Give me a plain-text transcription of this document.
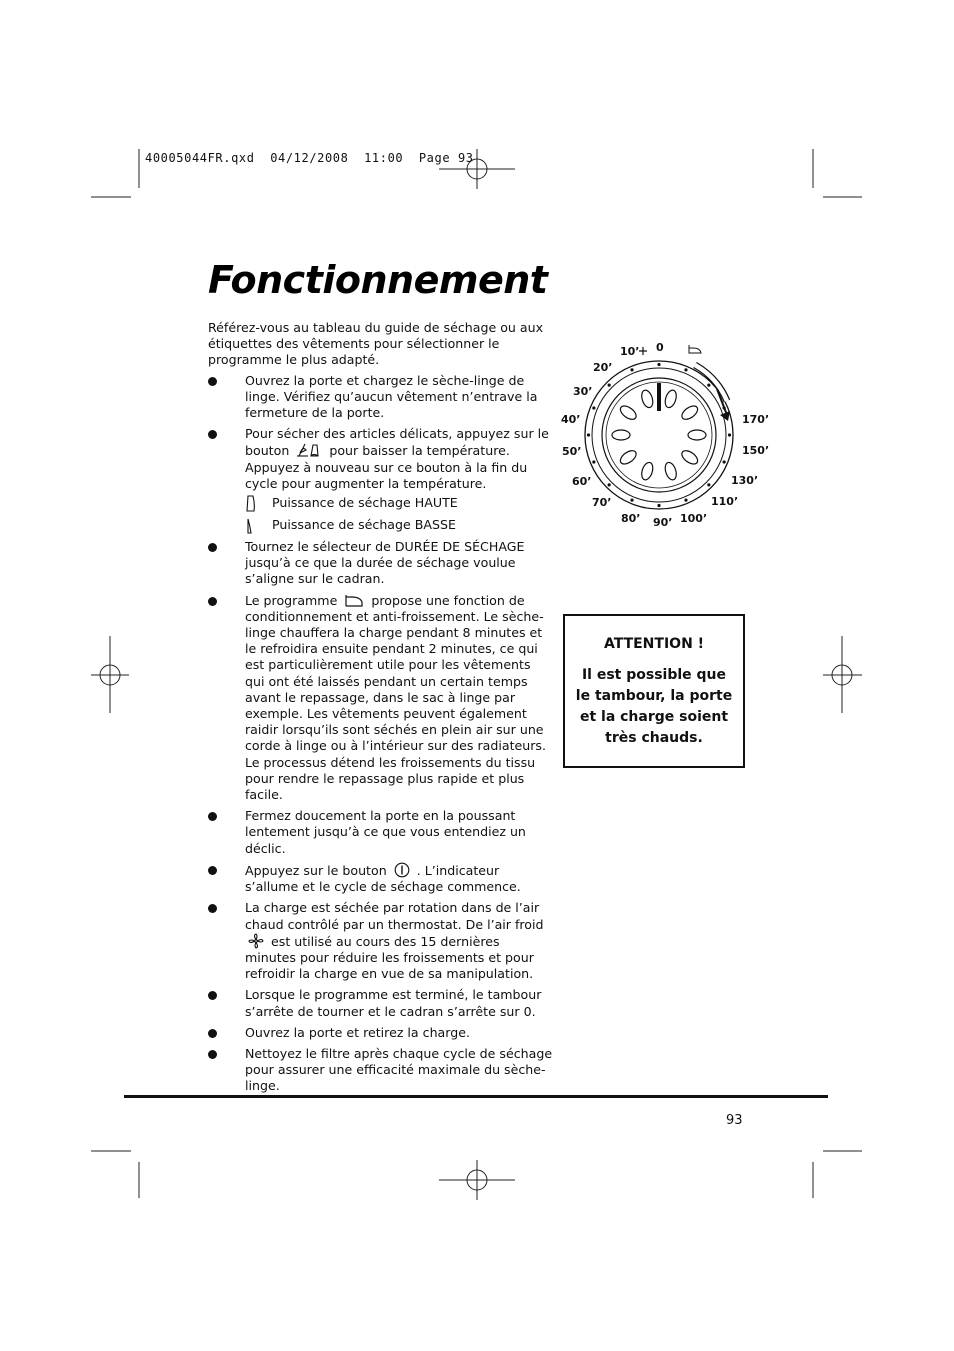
40005044FR.qxd  04/12/2008  11:00  Page 93
Fonctionnement

Référez-vous au tableau du guide de séchage ou aux étiquettes des vêtements pour sélectionner le programme le plus adapté.

Ouvrez la porte et chargez le sèche-linge de linge. Vérifiez qu’aucun vêtement n’entrave la fermeture de la porte.
Pour sécher des articles délicats, appuyez sur le bouton	pour baisser la température. Appuyez à nouveau sur ce bouton à la fin du cycle pour augmenter la température.
Puissance de séchage HAUTE
Puissance de séchage BASSE
Tournez le sélecteur de DURÉE DE SÉCHAGE jusqu’à ce que la durée de séchage voulue s’aligne sur le cadran.
Le programme	propose une fonction de conditionnement et anti-froissement. Le sèche-linge chauffera la charge pendant 8 minutes et le refroidira ensuite pendant 2 minutes, ce qui est particulièrement utile pour les vêtements qui ont été laissés pendant un certain temps avant le repassage, dans le sac à linge par exemple. Les vêtements peuvent également raidir lorsqu’ils sont séchés en plein air sur une corde à linge ou à l’intérieur sur des radiateurs. Le processus détend les froissements du tissu pour rendre le repassage plus rapide et plus facile.
Fermez doucement la porte en la poussant lentement jusqu’à ce que vous entendiez un déclic.
Appuyez sur le bouton . L’indicateur s’allume et le cycle de séchage commence.
La charge est séchée par rotation dans de l’air chaud contrôlé par un thermostat. De l’air froid  est utilisé au cours des 15 dernières minutes pour réduire les froissements et pour refroidir la charge en vue de sa manipulation.
Lorsque le programme est terminé, le tambour s’arrête de tourner et le cadran s’arrête sur 0.
Ouvrez la porte et retirez la charge.
Nettoyez le filtre après chaque cycle de séchage pour assurer une efficacité maximale du sèche-linge.
10’ 0
20’
30’
40’
50’
60’
70’
80’ 90’ 100’
110’
130’
150’
170’
ATTENTION !
Il est possible que le tambour, la porte et la charge soient très chauds.
93
